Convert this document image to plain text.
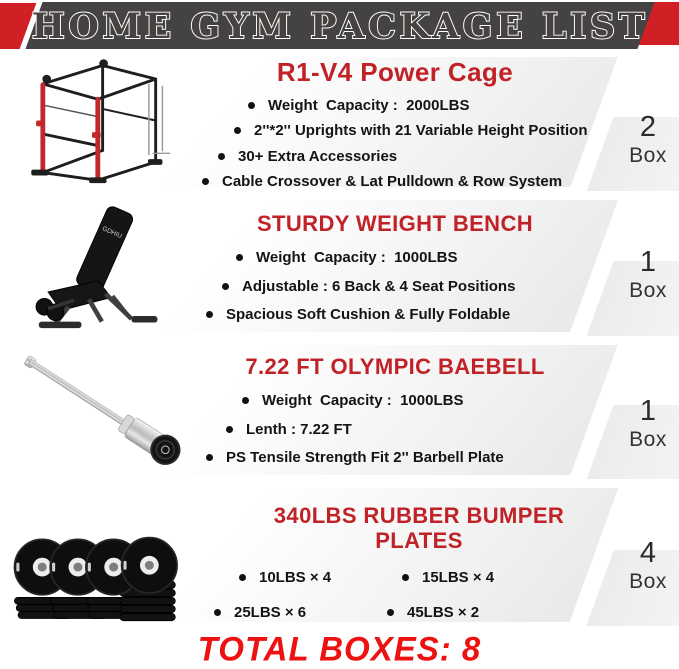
HOME GYM PACKAGE LIST
R1-V4 Power Cage
Weight  Capacity :  2000LBS
2''*2'' Uprights with 21 Variable Height Position
30+ Extra Accessories
Cable Crossover & Lat Pulldown & Row System
2
Box
GDHIU	STURDY WEIGHT BENCH
Weight  Capacity :  1000LBS
Adjustable : 6 Back & 4 Seat Positions
Spacious Soft Cushion & Fully Foldable
1
Box
7.22 FT OLYMPIC BAEBELL
Weight  Capacity :  1000LBS
Lenth : 7.22 FT
PS Tensile Strength Fit 2'' Barbell Plate
1
Box
340LBS RUBBER BUMPER PLATES
10LBS × 4	15LBS × 4
25LBS × 6	45LBS × 2
4
Box
TOTAL BOXES: 8
